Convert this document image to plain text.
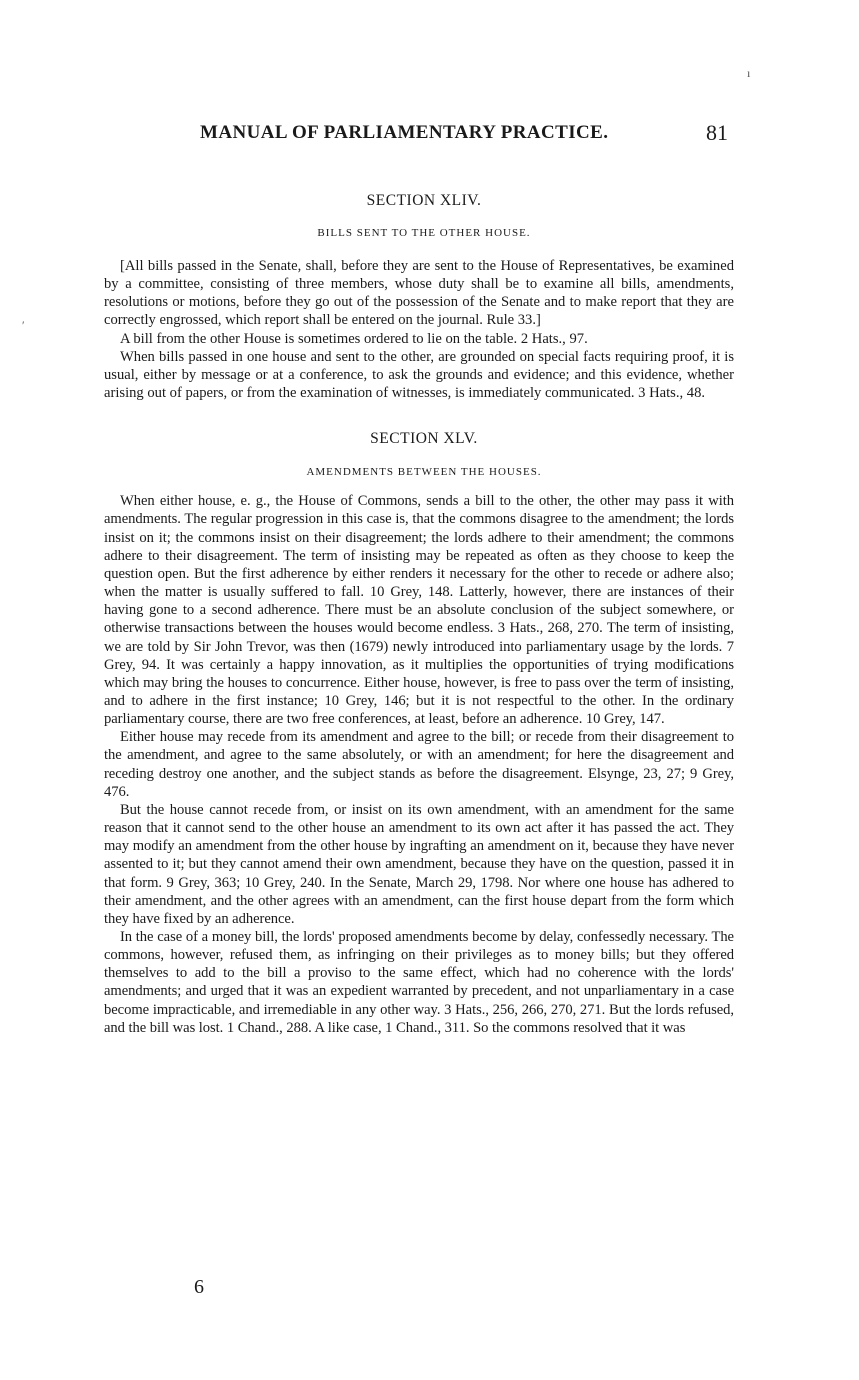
MANUAL OF PARLIAMENTARY PRACTICE.	81
SECTION XLIV.
BILLS SENT TO THE OTHER HOUSE.

[All bills passed in the Senate, shall, before they are sent to the House of Representatives, be examined by a committee, consisting of three members, whose duty shall be to examine all bills, amendments, resolutions or motions, before they go out of the possession of the Senate and to make report that they are correctly engrossed, which report shall be entered on the journal. Rule 33.]

A bill from the other House is sometimes ordered to lie on the table. 2 Hats., 97.

When bills passed in one house and sent to the other, are grounded on special facts requiring proof, it is usual, either by message or at a conference, to ask the grounds and evidence; and this evidence, whether arising out of papers, or from the examination of witnesses, is immediately communicated. 3 Hats., 48.

SECTION XLV.
AMENDMENTS BETWEEN THE HOUSES.

When either house, e. g., the House of Commons, sends a bill to the other, the other may pass it with amendments. The regular progression in this case is, that the commons disagree to the amendment; the lords insist on it; the commons insist on their disagreement; the lords adhere to their amendment; the commons adhere to their disagreement. The term of insisting may be repeated as often as they choose to keep the question open. But the first adherence by either renders it necessary for the other to recede or adhere also; when the matter is usually suffered to fall. 10 Grey, 148. Latterly, however, there are instances of their having gone to a second adherence. There must be an absolute conclusion of the subject somewhere, or otherwise transactions between the houses would become endless. 3 Hats., 268, 270. The term of insisting, we are told by Sir John Trevor, was then (1679) newly introduced into parliamentary usage by the lords. 7 Grey, 94. It was certainly a happy innovation, as it multiplies the opportunities of trying modifications which may bring the houses to concurrence. Either house, however, is free to pass over the term of insisting, and to adhere in the first instance; 10 Grey, 146; but it is not respectful to the other. In the ordinary parliamentary course, there are two free conferences, at least, before an adherence. 10 Grey, 147.

Either house may recede from its amendment and agree to the bill; or recede from their disagreement to the amendment, and agree to the same absolutely, or with an amendment; for here the disagreement and receding destroy one another, and the subject stands as before the disagreement. Elsynge, 23, 27; 9 Grey, 476.

But the house cannot recede from, or insist on its own amendment, with an amendment for the same reason that it cannot send to the other house an amendment to its own act after it has passed the act. They may modify an amendment from the other house by ingrafting an amendment on it, because they have never assented to it; but they cannot amend their own amendment, because they have on the question, passed it in that form. 9 Grey, 363; 10 Grey, 240. In the Senate, March 29, 1798. Nor where one house has adhered to their amendment, and the other agrees with an amendment, can the first house depart from the form which they have fixed by an adherence.

In the case of a money bill, the lords' proposed amendments become by delay, confessedly necessary. The commons, however, refused them, as infringing on their privileges as to money bills; but they offered themselves to add to the bill a proviso to the same effect, which had no coherence with the lords' amendments; and urged that it was an expedient warranted by precedent, and not unparliamentary in a case become impracticable, and irremediable in any other way. 3 Hats., 256, 266, 270, 271. But the lords refused, and the bill was lost. 1 Chand., 288. A like case, 1 Chand., 311. So the commons resolved that it was

6
ı
′
